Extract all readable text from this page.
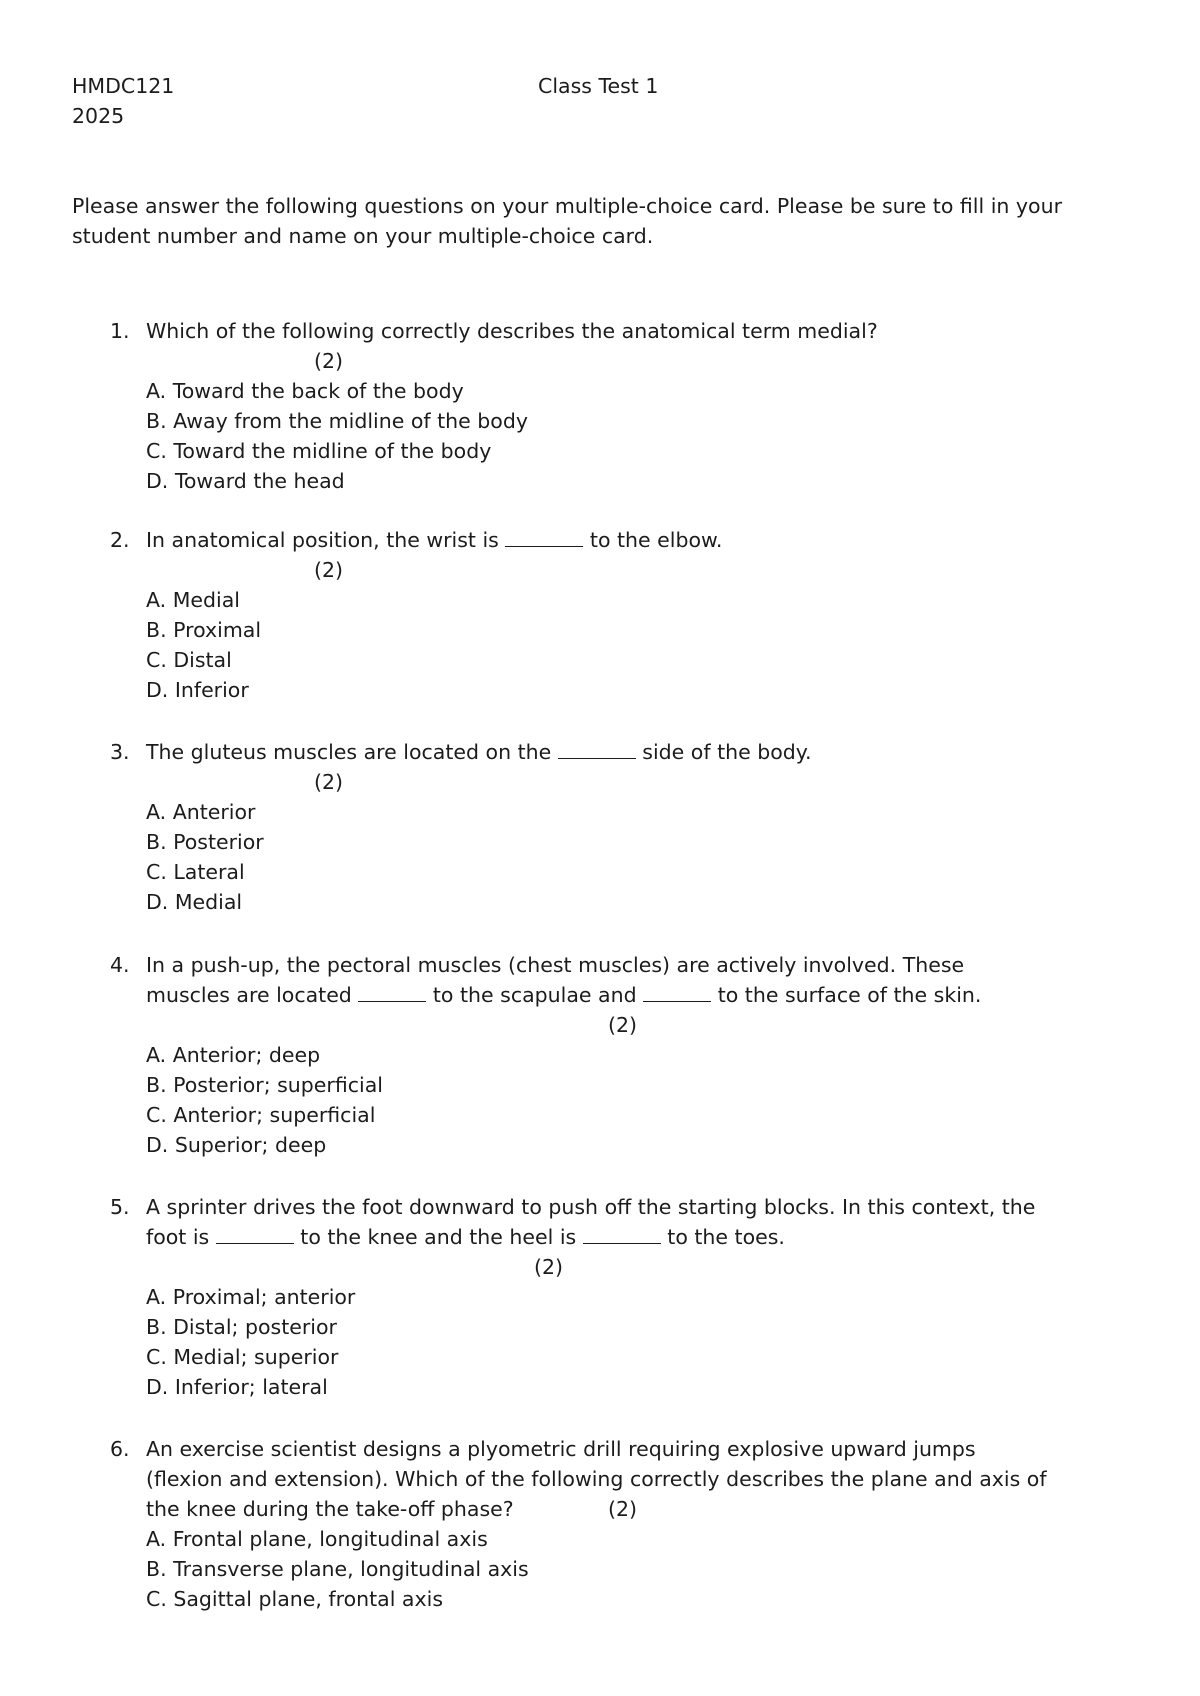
HMDC121	Class Test 1
2025
Please answer the following questions on your multiple-choice card. Please be sure to fill in your student number and name on your multiple-choice card.
1. Which of the following correctly describes the anatomical term medial?
(2)
A. Toward the back of the body
B. Away from the midline of the body
C. Toward the midline of the body
D. Toward the head
2. In anatomical position, the wrist is	to the elbow.
(2)
A. Medial
B. Proximal
C. Distal
D. Inferior
3. The gluteus muscles are located on the	side of the body.
(2)
A. Anterior
B. Posterior
C. Lateral
D. Medial
4. In a push-up, the pectoral muscles (chest muscles) are actively involved. These
muscles are located	to the scapulae and	to the surface of the skin.
(2)
A. Anterior; deep
B. Posterior; superficial
C. Anterior; superficial
D. Superior; deep
5. A sprinter drives the foot downward to push off the starting blocks. In this context, the
foot is	to the knee and the heel is	to the toes.
(2)
A. Proximal; anterior
B. Distal; posterior
C. Medial; superior
D. Inferior; lateral
6. An exercise scientist designs a plyometric drill requiring explosive upward jumps
(flexion and extension). Which of the following correctly describes the plane and axis of
the knee during the take-off phase?	(2)
A. Frontal plane, longitudinal axis
B. Transverse plane, longitudinal axis
C. Sagittal plane, frontal axis
